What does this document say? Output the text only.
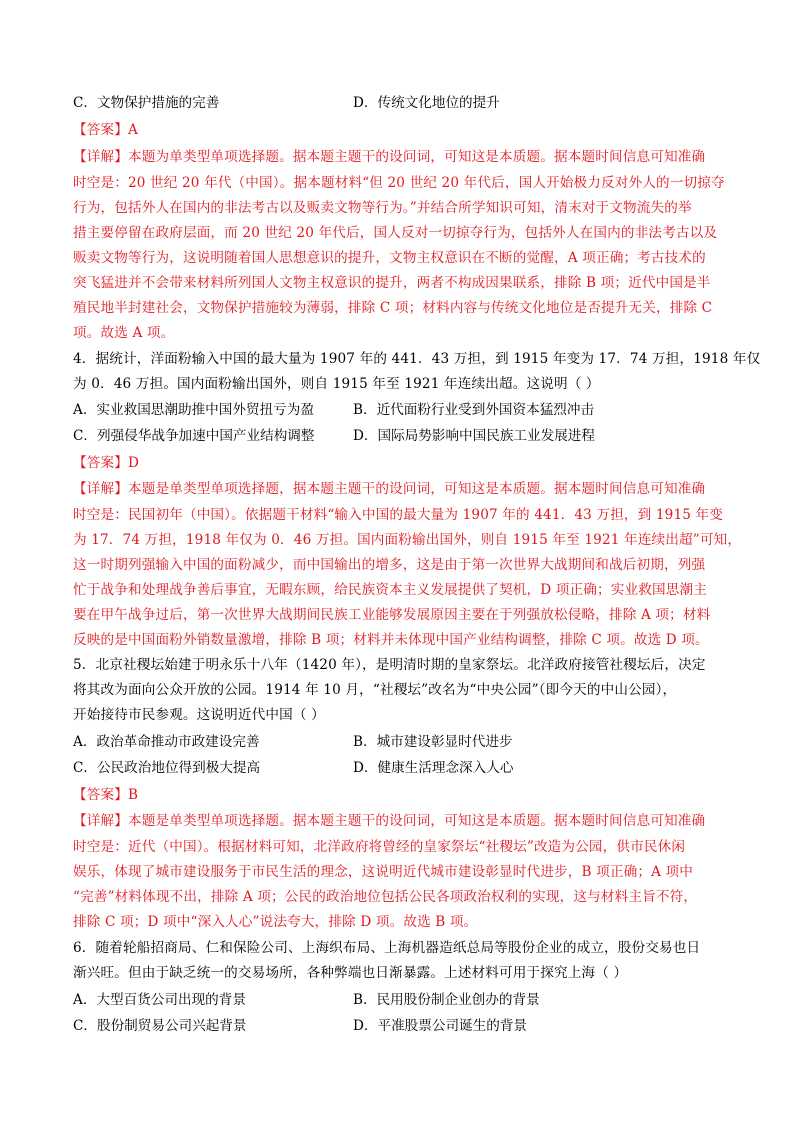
C．文物保护措施的完善	D．传统文化地位的提升
【答案】A
【详解】本题为单类型单项选择题。据本题主题干的设问词，可知这是本质题。据本题时间信息可知准确
时空是：20 世纪 20 年代（中国）。据本题材料“但 20 世纪 20 年代后，国人开始极力反对外人的一切掠夺
行为，包括外人在国内的非法考古以及贩卖文物等行为。”并结合所学知识可知，清末对于文物流失的举
措主要停留在政府层面，而 20 世纪 20 年代后，国人反对一切掠夺行为，包括外人在国内的非法考古以及
贩卖文物等行为，这说明随着国人思想意识的提升，文物主权意识在不断的觉醒，A 项正确；考古技术的
突飞猛进并不会带来材料所列国人文物主权意识的提升，两者不构成因果联系，排除 B 项；近代中国是半
殖民地半封建社会，文物保护措施较为薄弱，排除 C 项；材料内容与传统文化地位是否提升无关，排除 C
项。故选 A 项。
4．据统计，洋面粉输入中国的最大量为 1907 年的 441．43 万担，到 1915 年变为 17．74 万担，1918 年仅
为 0．46 万担。国内面粉输出国外，则自 1915 年至 1921 年连续出超。这说明（ ）
A．实业救国思潮助推中国外贸扭亏为盈	B．近代面粉行业受到外国资本猛烈冲击
C．列强侵华战争加速中国产业结构调整	D．国际局势影响中国民族工业发展进程
【答案】D
【详解】本题是单类型单项选择题，据本题主题干的设问词，可知这是本质题。据本题时间信息可知准确
时空是：民国初年（中国）。依据题干材料“输入中国的最大量为 1907 年的 441．43 万担，到 1915 年变
为 17．74 万担，1918 年仅为 0．46 万担。国内面粉输出国外，则自 1915 年至 1921 年连续出超”可知，
这一时期列强输入中国的面粉减少，而中国输出的增多，这是由于第一次世界大战期间和战后初期，列强
忙于战争和处理战争善后事宜，无暇东顾，给民族资本主义发展提供了契机，D 项正确；实业救国思潮主
要在甲午战争过后，第一次世界大战期间民族工业能够发展原因主要在于列强放松侵略，排除 A 项；材料
反映的是中国面粉外销数量激增，排除 B 项；材料并未体现中国产业结构调整，排除 C 项。故选 D 项。
5．北京社稷坛始建于明永乐十八年（1420 年），是明清时期的皇家祭坛。北洋政府接管社稷坛后，决定
将其改为面向公众开放的公园。1914 年 10 月，“社稷坛”改名为“中央公园”（即今天的中山公园），
开始接待市民参观。这说明近代中国（ ）
A．政治革命推动市政建设完善	B．城市建设彰显时代进步
C．公民政治地位得到极大提高	D．健康生活理念深入人心
【答案】B
【详解】本题是单类型单项选择题。据本题主题干的设问词，可知这是本质题。据本题时间信息可知准确
时空是：近代（中国）。根据材料可知，北洋政府将曾经的皇家祭坛“社稷坛”改造为公园，供市民休闲
娱乐，体现了城市建设服务于市民生活的理念，这说明近代城市建设彰显时代进步，B 项正确；A 项中
“完善”材料体现不出，排除 A 项；公民的政治地位包括公民各项政治权利的实现，这与材料主旨不符，
排除 C 项；D 项中“深入人心”说法夸大，排除 D 项。故选 B 项。
6．随着轮船招商局、仁和保险公司、上海织布局、上海机器造纸总局等股份企业的成立，股份交易也日
渐兴旺。但由于缺乏统一的交易场所，各种弊端也日渐暴露。上述材料可用于探究上海（ ）
A．大型百货公司出现的背景	B．民用股份制企业创办的背景
C．股份制贸易公司兴起背景	D．平准股票公司诞生的背景
